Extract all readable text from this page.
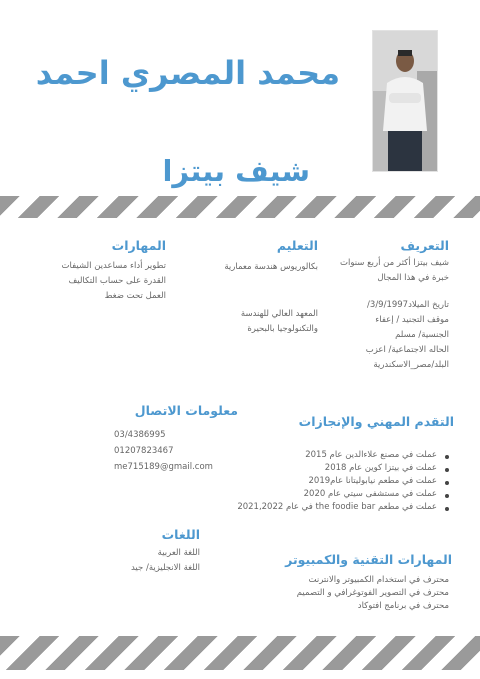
محمد المصري احمد
شيف بيتزا
التعريف
شيف بيتزا أكثر من أربع سنوات
خبرة في هذا المجال
تاريخ الميلاد3/9/1997/
موقف التجنيد / إعفاء
الجنسية/ مسلم
الحاله الاجتماعية/ اعزب
البلد/مصر_الاسكندرية
التعليم
بكالوريوس هندسة معمارية
المعهد العالي للهندسة
والتكنولوجيا بالبحيرة
المهارات
تطوير أداء مساعدين الشيفات
القدرة على حساب التكاليف
العمل تحت ضغط
معلومات الاتصال
03/4386995
01207823467
me715189@gmail.com
التقدم المهني والإنجازات
عملت في مصنع علاءالدين عام 2015
عملت في بيتزا كوين عام 2018
عملت في مطعم نيابوليتانا عام2019
عملت في مستشفى سيتي عام 2020
عملت في مطعم the foodie bar في عام 2021,2022
اللغات
اللغة العربية
اللغة الانجليزية/ جيد
المهارات التقنية والكمبيوتر
محترف في استخدام الكمبيوتر والانترنت
محترف في التصوير الفوتوغرافي و التصميم
محترف في برنامج افتوكاد
